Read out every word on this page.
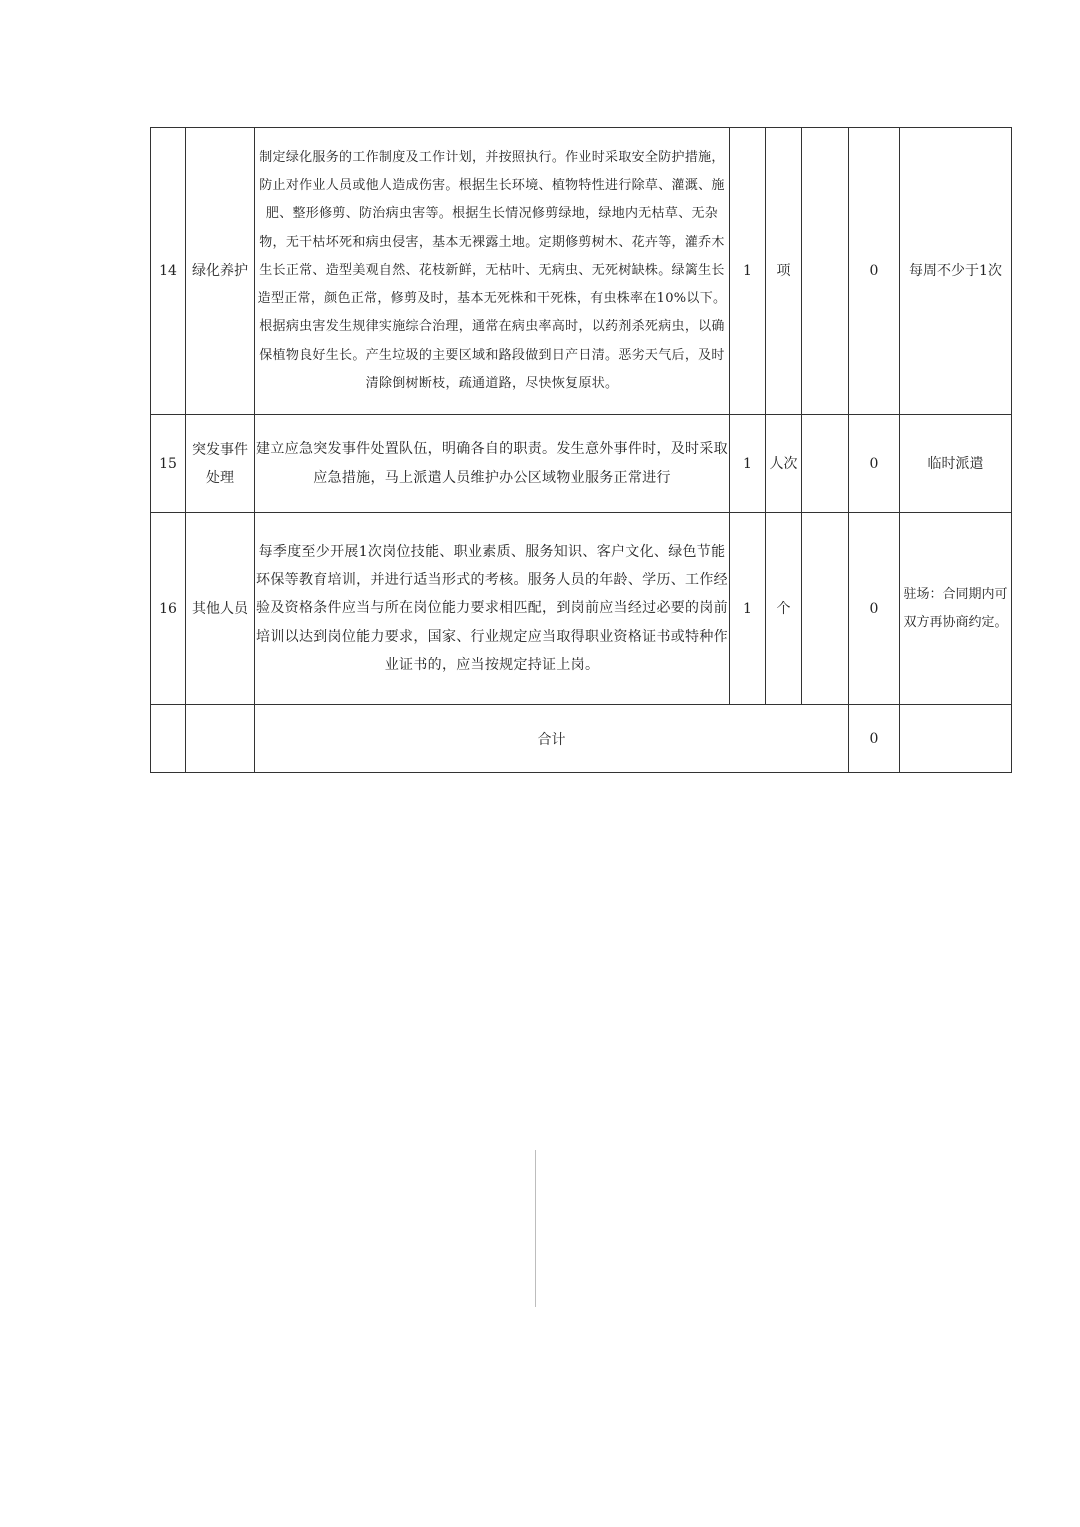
14	绿化养护	制定绿化服务的工作制度及工作计划，并按照执行。作业时采取安全防护措施，防止对作业人员或他人造成伤害。根据生长环境、植物特性进行除草、灌溉、施肥、整形修剪、防治病虫害等。根据生长情况修剪绿地，绿地内无枯草、无杂物，无干枯坏死和病虫侵害，基本无裸露土地。定期修剪树木、花卉等，灌乔木生长正常、造型美观自然、花枝新鲜，无枯叶、无病虫、无死树缺株。绿篱生长造型正常，颜色正常，修剪及时，基本无死株和干死株，有虫株率在10%以下。根据病虫害发生规律实施综合治理，通常在病虫率高时，以药剂杀死病虫，以确保植物良好生长。产生垃圾的主要区域和路段做到日产日清。恶劣天气后，及时清除倒树断枝，疏通道路，尽快恢复原状。	1	项		0	每周不少于1次
15	突发事件处理	建立应急突发事件处置队伍，明确各自的职责。发生意外事件时，及时采取应急措施，马上派遣人员维护办公区域物业服务正常进行	1	人次		0	临时派遣
16	其他人员	每季度至少开展1次岗位技能、职业素质、服务知识、客户文化、绿色节能环保等教育培训，并进行适当形式的考核。服务人员的年龄、学历、工作经验及资格条件应当与所在岗位能力要求相匹配，到岗前应当经过必要的岗前培训以达到岗位能力要求，国家、行业规定应当取得职业资格证书或特种作业证书的，应当按规定持证上岗。	1	个		0	驻场：合同期内可双方再协商约定。
		合计				0	
